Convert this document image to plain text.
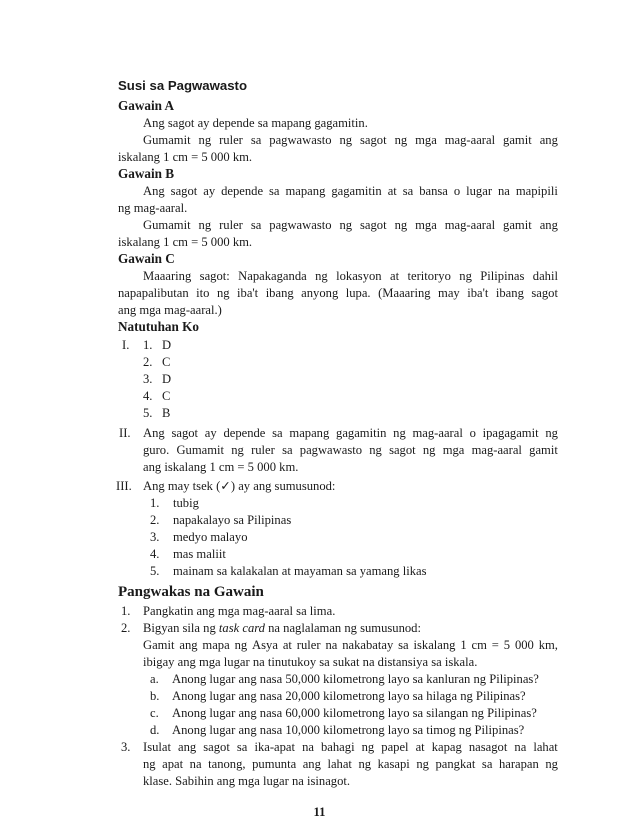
Susi sa Pagwawasto
Gawain A
Ang sagot ay depende sa mapang gagamitin.
Gumamit ng ruler sa pagwawasto ng sagot ng mga mag-aaral gamit ang
iskalang 1 cm = 5 000 km.
Gawain B
Ang sagot ay depende sa mapang gagamitin at sa bansa o lugar na mapipili
ng mag-aaral.
Gumamit ng ruler sa pagwawasto ng sagot ng mga mag-aaral gamit ang
iskalang 1 cm = 5 000 km.
Gawain C
Maaaring sagot: Napakaganda ng lokasyon at teritoryo ng Pilipinas dahil
napapalibutan ito ng iba't ibang anyong lupa. (Maaaring may iba't ibang sagot
ang mga mag-aaral.)
Natutuhan Ko
I. 1. D
2. C
3. D
4. C
5. B
II. Ang sagot ay depende sa mapang gagamitin ng mag-aaral o ipagagamit ng
guro. Gumamit ng ruler sa pagwawasto ng sagot ng mga mag-aaral gamit
ang iskalang 1 cm = 5 000 km.
III. Ang may tsek (✓) ay ang sumusunod:
1. tubig
2. napakalayo sa Pilipinas
3. medyo malayo
4. mas maliit
5. mainam sa kalakalan at mayaman sa yamang likas
Pangwakas na Gawain
1. Pangkatin ang mga mag-aaral sa lima.
2. Bigyan sila ng task card na naglalaman ng sumusunod:
Gamit ang mapa ng Asya at ruler na nakabatay sa iskalang 1 cm = 5 000 km,
ibigay ang mga lugar na tinutukoy sa sukat na distansiya sa iskala.
a. Anong lugar ang nasa 50,000 kilometrong layo sa kanluran ng Pilipinas?
b. Anong lugar ang nasa 20,000 kilometrong layo sa hilaga ng Pilipinas?
c. Anong lugar ang nasa 60,000 kilometrong layo sa silangan ng Pilipinas?
d. Anong lugar ang nasa 10,000 kilometrong layo sa timog ng Pilipinas?
3. Isulat ang sagot sa ika-apat na bahagi ng papel at kapag nasagot na lahat
ng apat na tanong, pumunta ang lahat ng kasapi ng pangkat sa harapan ng
klase. Sabihin ang mga lugar na isinagot.
11
